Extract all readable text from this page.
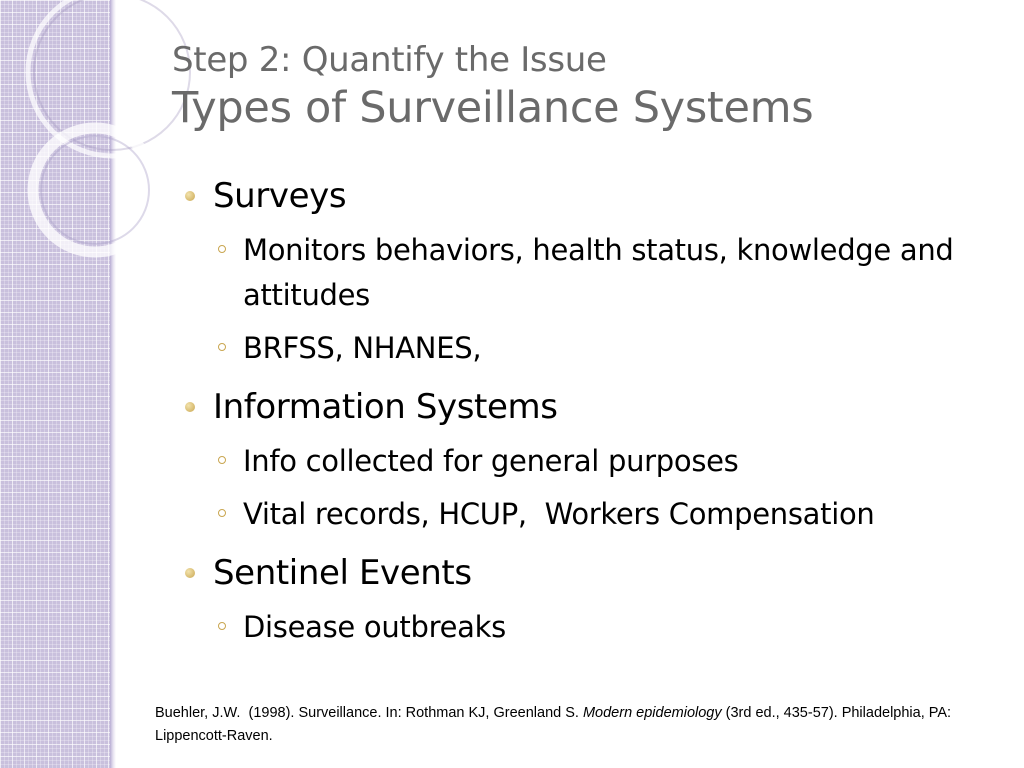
Step 2: Quantify the Issue
Types of Surveillance Systems
Surveys
Monitors behaviors, health status, knowledge and attitudes
BRFSS, NHANES,
Information Systems
Info collected for general purposes
Vital records, HCUP,  Workers Compensation
Sentinel Events
Disease outbreaks
Buehler, J.W.  (1998). Surveillance. In: Rothman KJ, Greenland S. Modern epidemiology (3rd ed., 435-57). Philadelphia, PA: Lippencott-Raven.
